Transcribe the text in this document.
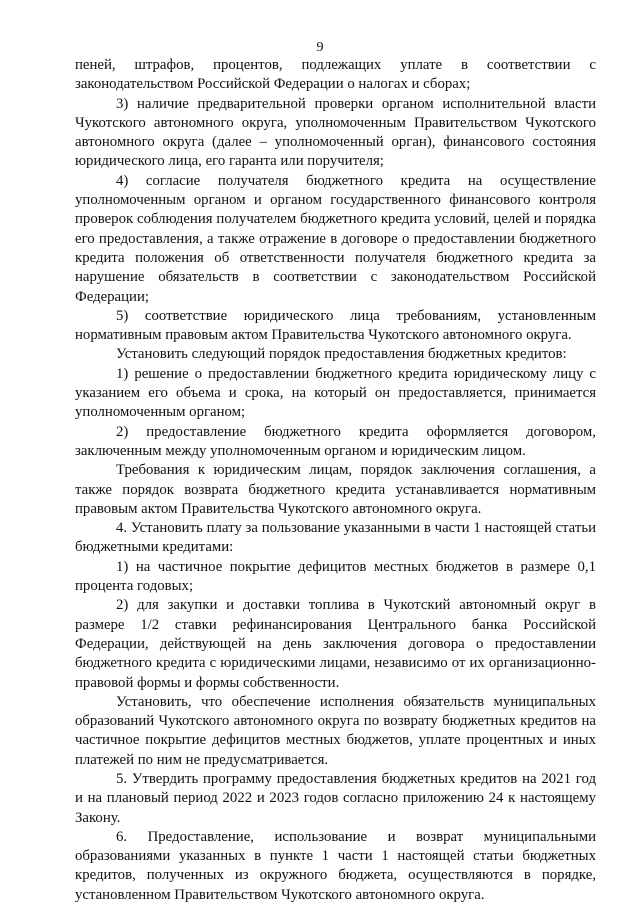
9

пеней, штрафов, процентов, подлежащих уплате в соответствии с законодательством Российской Федерации о налогах и сборах;

3) наличие предварительной проверки органом исполнительной власти Чукотского автономного округа, уполномоченным Правительством Чукотского автономного округа (далее – уполномоченный орган), финансового состояния юридического лица, его гаранта или поручителя;

4) согласие получателя бюджетного кредита на осуществление уполномоченным органом и органом государственного финансового контроля проверок соблюдения получателем бюджетного кредита условий, целей и порядка его предоставления, а также отражение в договоре о предоставлении бюджетного кредита положения об ответственности получателя бюджетного кредита за нарушение обязательств в соответствии с законодательством Российской Федерации;

5) соответствие юридического лица требованиям, установленным нормативным правовым актом Правительства Чукотского автономного округа.

Установить следующий порядок предоставления бюджетных кредитов:

1) решение о предоставлении бюджетного кредита юридическому лицу с указанием его объема и срока, на который он предоставляется, принимается уполномоченным органом;

2) предоставление бюджетного кредита оформляется договором, заключенным между уполномоченным органом и юридическим лицом.

Требования к юридическим лицам, порядок заключения соглашения, а также порядок возврата бюджетного кредита устанавливается нормативным правовым актом Правительства Чукотского автономного округа.

4. Установить плату за пользование указанными в части 1 настоящей статьи бюджетными кредитами:

1) на частичное покрытие дефицитов местных бюджетов в размере 0,1 процента годовых;

2) для закупки и доставки топлива в Чукотский автономный округ в размере 1/2 ставки рефинансирования Центрального банка Российской Федерации, действующей на день заключения договора о предоставлении бюджетного кредита с юридическими лицами, независимо от их организационно-правовой формы и формы собственности.

Установить, что обеспечение исполнения обязательств муниципальных образований Чукотского автономного округа по возврату бюджетных кредитов на частичное покрытие дефицитов местных бюджетов, уплате процентных и иных платежей по ним не предусматривается.

5. Утвердить программу предоставления бюджетных кредитов на 2021 год и на плановый период 2022 и 2023 годов согласно приложению 24 к настоящему Закону.

6. Предоставление, использование и возврат муниципальными образованиями указанных в пункте 1 части 1 настоящей статьи бюджетных кредитов, полученных из окружного бюджета, осуществляются в порядке, установленном Правительством Чукотского автономного округа.
